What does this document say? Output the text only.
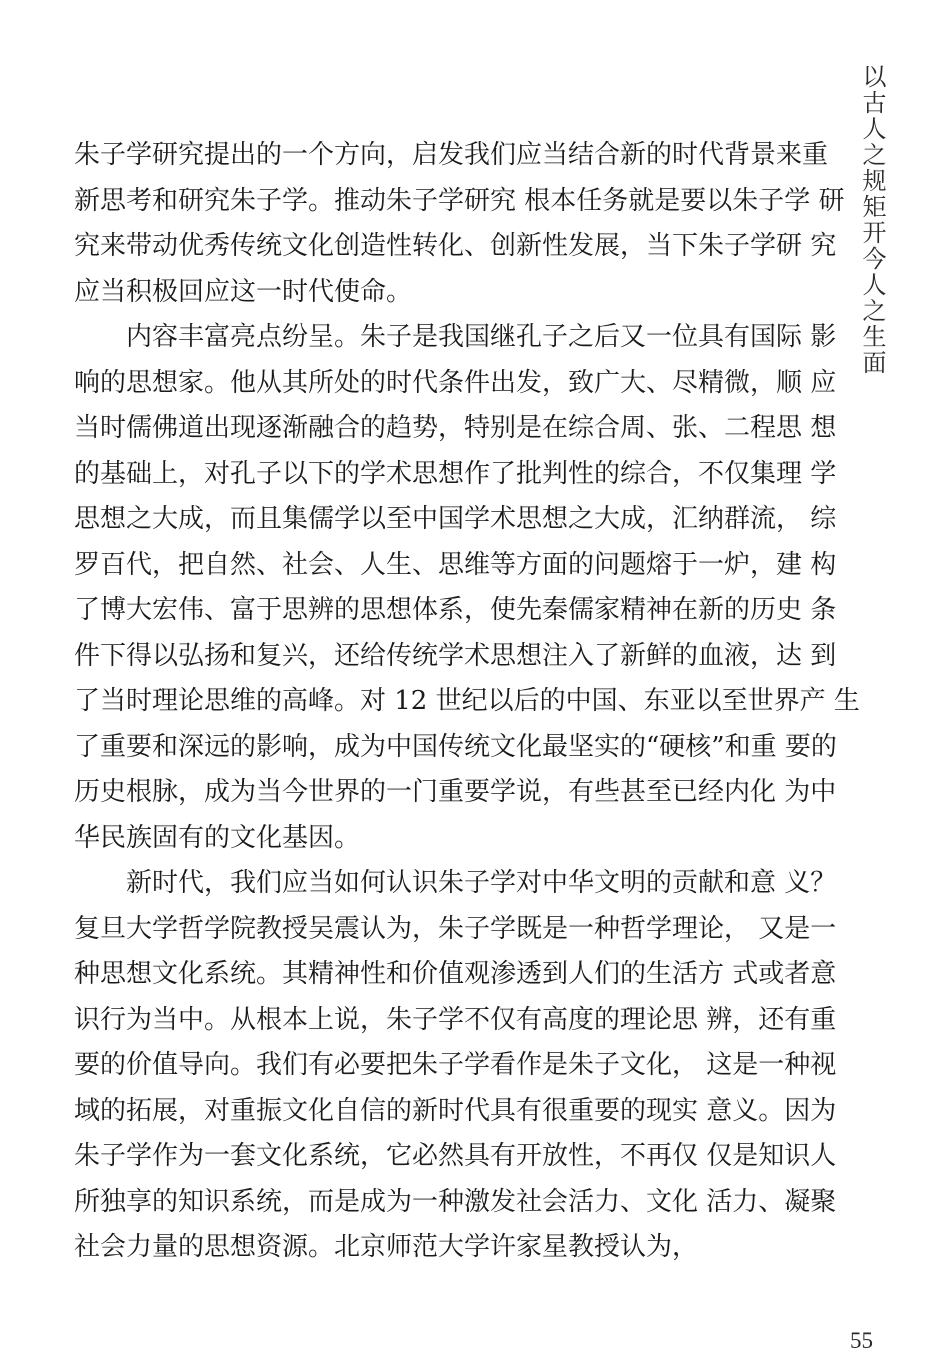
以古人之规矩开今人之生面
朱子学研究提出的一个方向，启发我们应当结合新的时代背景来重
新思考和研究朱子学。推动朱子学研究 根本任务就是要以朱子学 研
究来带动优秀传统文化创造性转化、创新性发展，当下朱子学研 究
应当积极回应这一时代使命。
　　内容丰富亮点纷呈。朱子是我国继孔子之后又一位具有国际 影
响的思想家。他从其所处的时代条件出发，致广大、尽精微，顺 应
当时儒佛道出现逐渐融合的趋势，特别是在综合周、张、二程思 想
的基础上，对孔子以下的学术思想作了批判性的综合，不仅集理 学
思想之大成，而且集儒学以至中国学术思想之大成，汇纳群流， 综
罗百代，把自然、社会、人生、思维等方面的问题熔于一炉，建 构
了博大宏伟、富于思辨的思想体系，使先秦儒家精神在新的历史 条
件下得以弘扬和复兴，还给传统学术思想注入了新鲜的血液，达 到
了当时理论思维的高峰。对 12 世纪以后的中国、东亚以至世界产 生
了重要和深远的影响，成为中国传统文化最坚实的“硬核”和重 要的
历史根脉，成为当今世界的一门重要学说，有些甚至已经内化 为中
华民族固有的文化基因。
　　新时代，我们应当如何认识朱子学对中华文明的贡献和意 义？
复旦大学哲学院教授吴震认为，朱子学既是一种哲学理论， 又是一
种思想文化系统。其精神性和价值观渗透到人们的生活方 式或者意
识行为当中。从根本上说，朱子学不仅有高度的理论思 辨，还有重
要的价值导向。我们有必要把朱子学看作是朱子文化， 这是一种视
域的拓展，对重振文化自信的新时代具有很重要的现实 意义。因为
朱子学作为一套文化系统，它必然具有开放性，不再仅 仅是知识人
所独享的知识系统，而是成为一种激发社会活力、文化 活力、凝聚
社会力量的思想资源。北京师范大学许家星教授认为，
55
